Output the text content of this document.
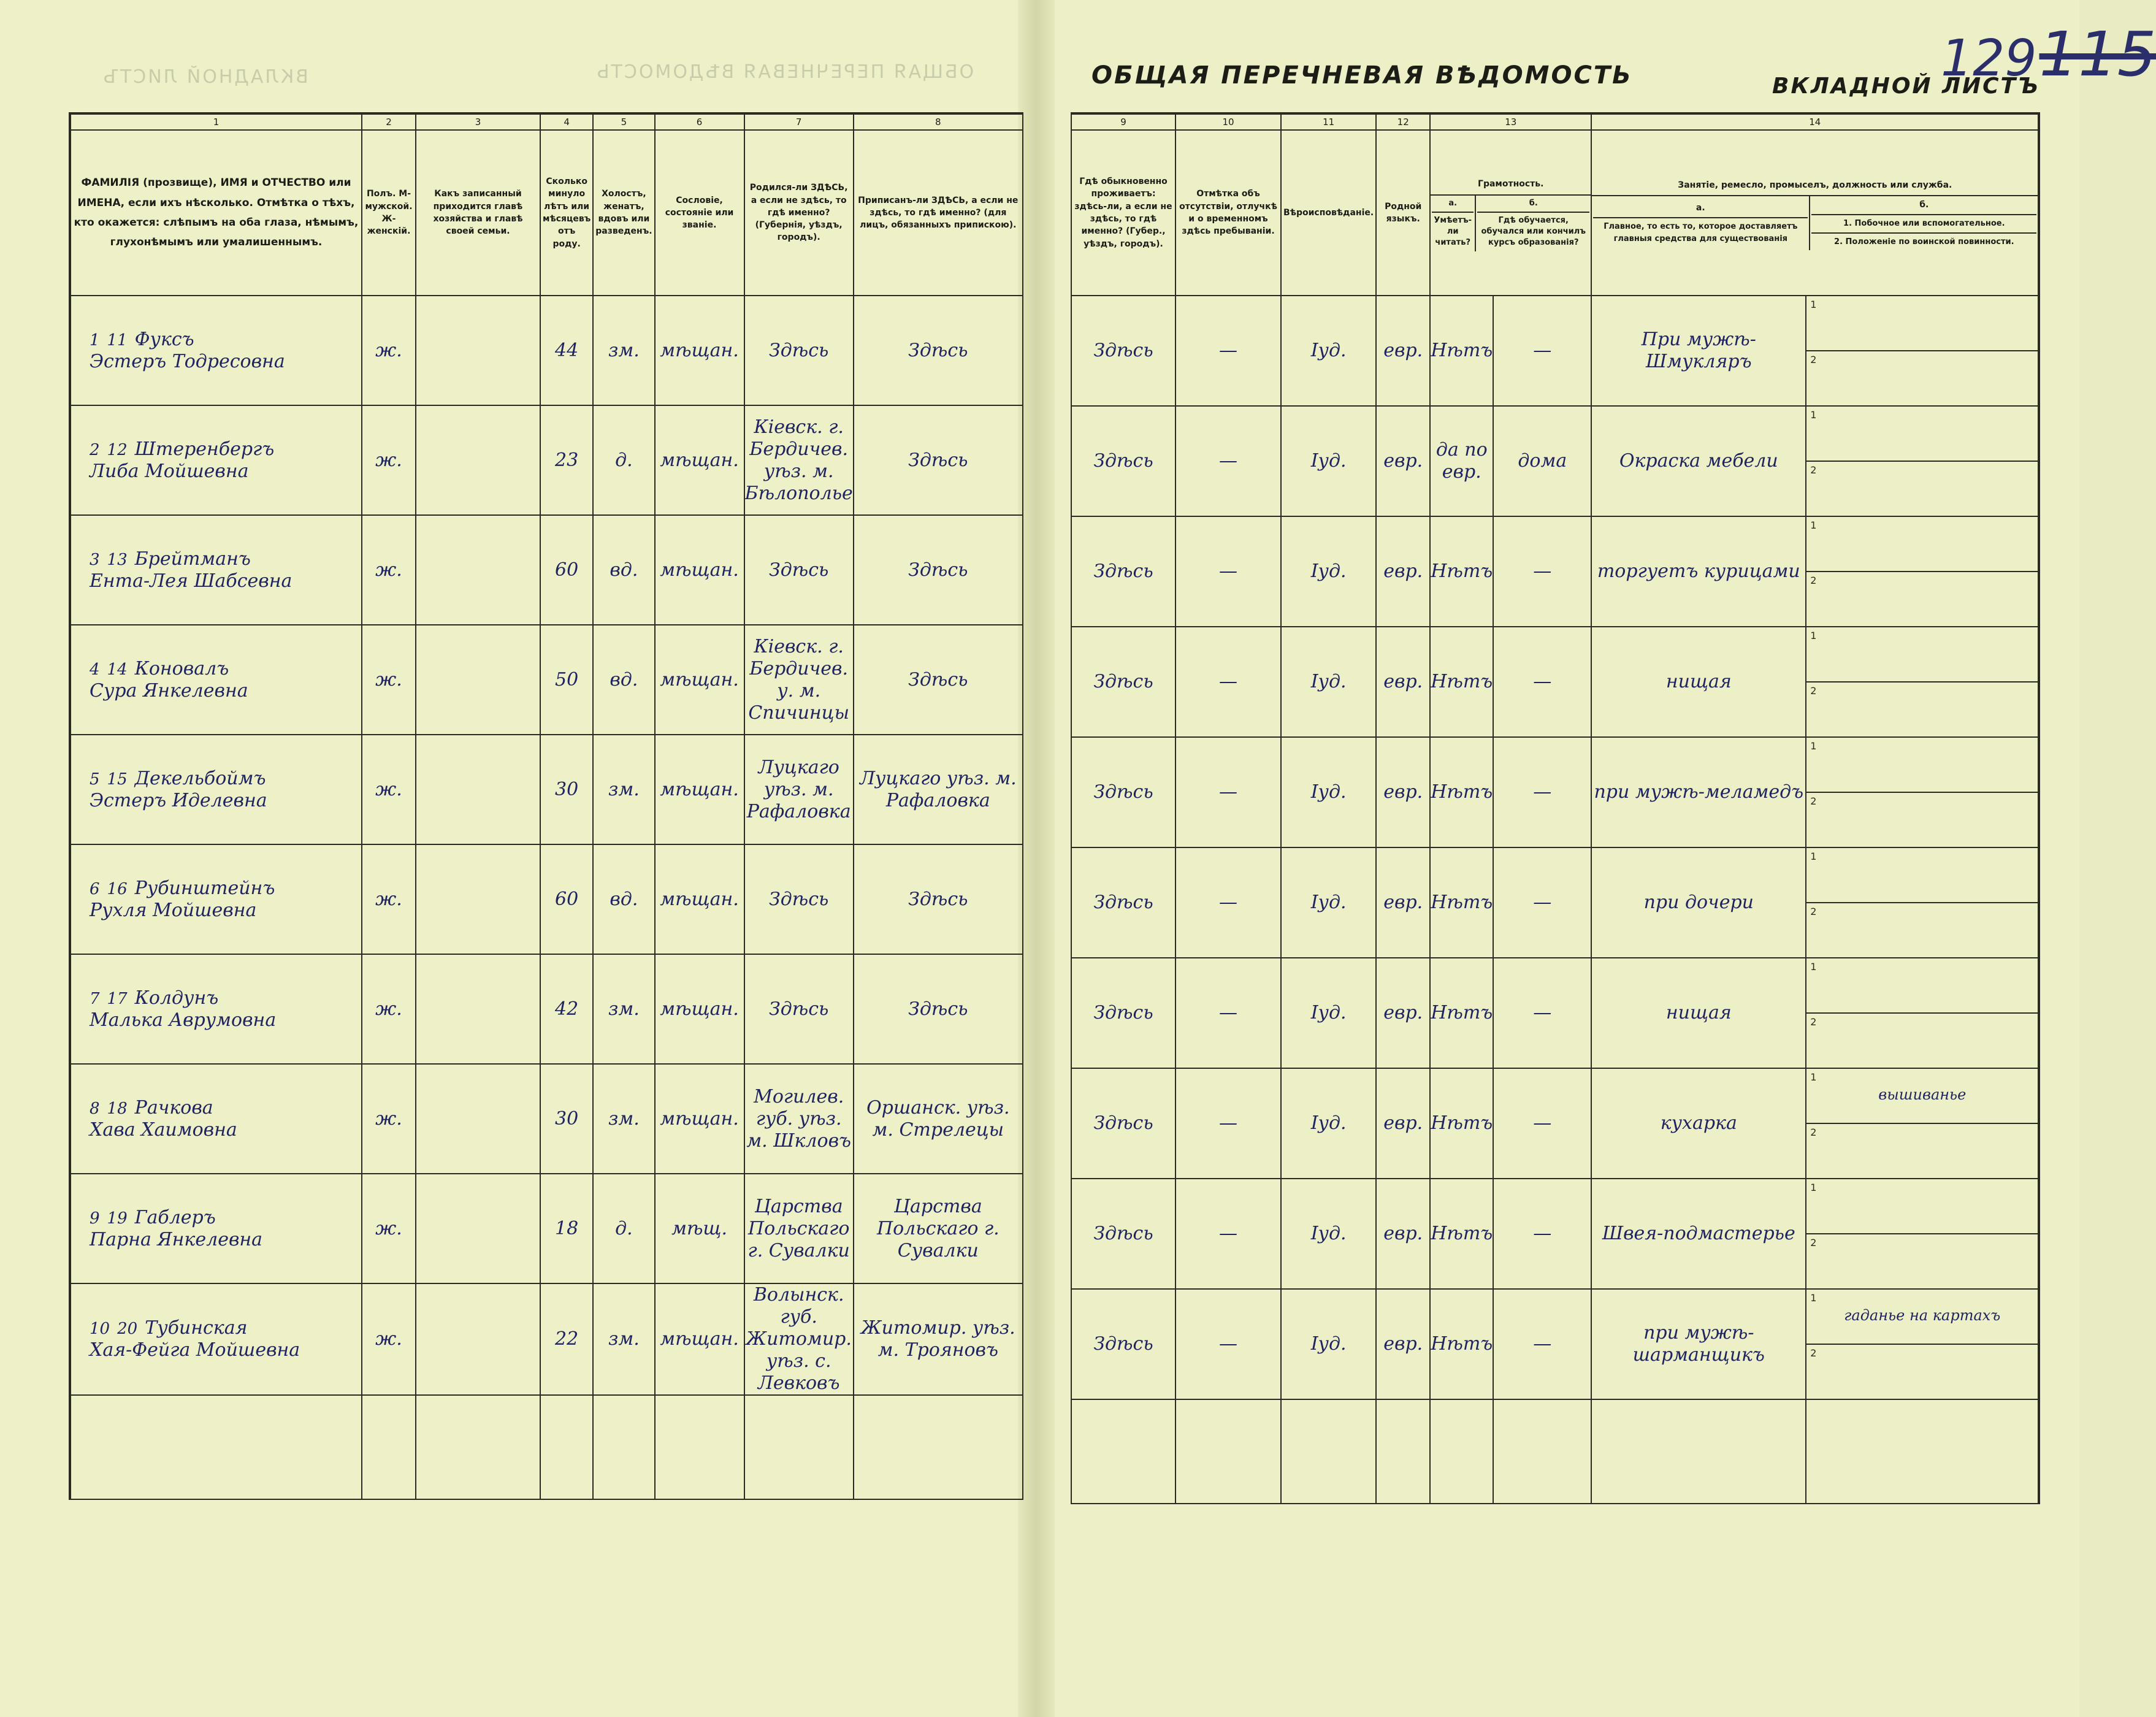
ВКЛАДНОЙ ЛИСТЪ	ОБЩАЯ ПЕРЕЧНЕВАЯ ВѢДОМОСТЬ	ОБЩАЯ ПЕРЕЧНЕВАЯ ВѢДОМОСТЬ	ВКЛАДНОЙ ЛИСТЪ
129115
1	2	3	4	5	6	7	8
ФАМИЛІЯ (прозвище), ИМЯ и ОТЧЕСТВО или ИМЕНА, если ихъ нѣсколько. Отмѣтка о тѣхъ, кто окажется: слѣпымъ на оба глаза, нѣмымъ, глухонѣмымъ или умалишеннымъ.	Полъ. М-мужской. Ж-женскій.	Какъ записанный приходится главѣ хозяйства и главѣ своей семьи.	Сколько минуло лѣтъ или мѣсяцевъ отъ роду.	Холостъ, женатъ, вдовъ или разведенъ.	Сословіе, состояніе или званіе.	Родился-ли ЗДѢСЬ, а если не здѣсь, то гдѣ именно? (Губернія, уѣздъ, городъ).	Приписанъ-ли ЗДѢСЬ, а если не здѣсь, то гдѣ именно? (для лицъ, обязанныхъ припискою).

1 11 Фуксъ
Эстеръ Тодресовна	ж.		44	зм.	мѣщан.	Здѣсь	Здѣсь

2 12 Штеренбергъ
Либа Мойшевна	ж.		23	д.	мѣщан.	Кіевск. г. Бердичев. уѣз. м. Бѣлополье	Здѣсь

3 13 Брейтманъ
Ента-Лея Шабсевна	ж.		60	вд.	мѣщан.	Здѣсь	Здѣсь

4 14 Коновалъ
Сура Янкелевна	ж.		50	вд.	мѣщан.	Кіевск. г. Бердичев. у. м. Спичинцы	Здѣсь

5 15 Декельбоймъ
Эстеръ Иделевна	ж.		30	зм.	мѣщан.	Луцкаго уѣз. м. Рафаловка	Луцкаго уѣз. м. Рафаловка

6 16 Рубинштейнъ
Рухля Мойшевна	ж.		60	вд.	мѣщан.	Здѣсь	Здѣсь

7 17 Колдунъ
Малька Аврумовна	ж.		42	зм.	мѣщан.	Здѣсь	Здѣсь

8 18 Рачкова
Хава Хаимовна	ж.		30	зм.	мѣщан.	Могилев. губ. уѣз. м. Шкловъ	Оршанск. уѣз. м. Стрелецы

9 19 Габлеръ
Парна Янкелевна	ж.		18	д.	мѣщ.	Царства Польскаго г. Сувалки	Царства Польскаго г. Сувалки

10 20 Тубинская
Хая-Фейга Мойшевна	ж.		22	зм.	мѣщан.	Волынск. губ. Житомир. уѣз. с. Левковъ	Житомир. уѣз. м. Трояновъ

9	10	11	12	13	14
Гдѣ обыкновенно проживаетъ: здѣсь-ли, а если не здѣсь, то гдѣ именно? (Губер., уѣздъ, городъ).	Отмѣтка объ отсутствіи, отлучкѣ и о временномъ здѣсь пребываніи.	Вѣроисповѣданіе.	Родной языкъ.	
Грамотность.
а.
Умѣетъ-ли читать?
	б.
Гдѣ обучается, обучался или кончилъ курсъ образованія?

Занятіе, ремесло, промыселъ, должность или служба.
а.
Главное, то есть то, которое доставляетъ главныя средства для существованія
	б.
1. Побочное или вспомогательное.
2. Положеніе по воинской повинности.

Здѣсь	—	Іуд.	евр.	Нѣтъ	—	При мужѣ-Шмукляръ	
1
2

Здѣсь	—	Іуд.	евр.	да по евр.	дома	Окраска мебели	
1
2

Здѣсь	—	Іуд.	евр.	Нѣтъ	—	торгуетъ курицами	
1
2

Здѣсь	—	Іуд.	евр.	Нѣтъ	—	нищая	
1
2

Здѣсь	—	Іуд.	евр.	Нѣтъ	—	при мужѣ-меламедъ	
1
2

Здѣсь	—	Іуд.	евр.	Нѣтъ	—	при дочери	
1
2

Здѣсь	—	Іуд.	евр.	Нѣтъ	—	нищая	
1
2

Здѣсь	—	Іуд.	евр.	Нѣтъ	—	кухарка	
1
вышиванье
2

Здѣсь	—	Іуд.	евр.	Нѣтъ	—	Швея-подмастерье	
1
2

Здѣсь	—	Іуд.	евр.	Нѣтъ	—	при мужѣ-шарманщикъ	
1
гаданье на картахъ
2
